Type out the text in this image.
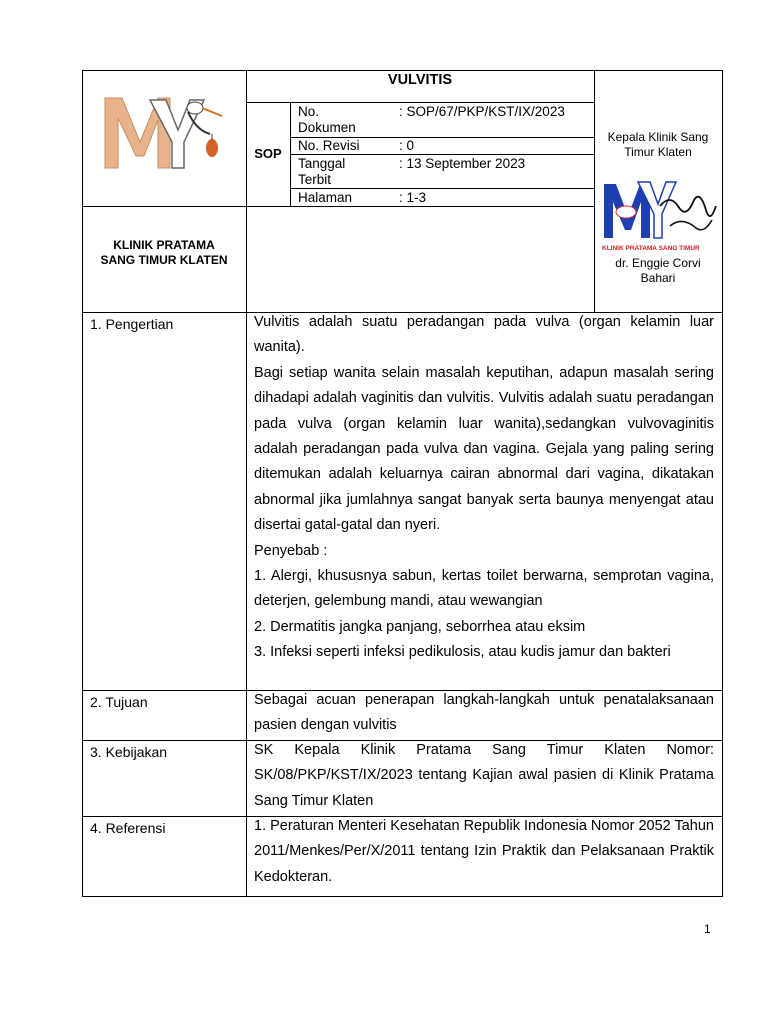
VULVITIS
SOP
No.
Dokumen
: SOP/67/PKP/KST/IX/2023
No. Revisi	: 0
Tanggal
Terbit
: 13 September 2023
Halaman	: 1-3
KLINIK PRATAMA
SANG TIMUR KLATEN
Kepala Klinik Sang
Timur Klaten
KLINIK PRATAMA SANG TIMUR
dr. Enggie Corvi
Bahari
1. Pengertian	Vulvitis adalah suatu peradangan pada vulva (organ kelamin luar wanita).

Bagi setiap wanita selain masalah keputihan, adapun masalah sering dihadapi adalah vaginitis dan vulvitis. Vulvitis adalah suatu peradangan pada vulva (organ kelamin luar wanita),sedangkan vulvovaginitis adalah peradangan pada vulva dan vagina. Gejala yang paling sering ditemukan adalah keluarnya cairan abnormal dari vagina, dikatakan abnormal jika jumlahnya sangat banyak serta baunya menyengat atau disertai gatal-gatal dan nyeri.

Penyebab :

1. Alergi, khususnya sabun, kertas toilet berwarna, semprotan vagina, deterjen, gelembung mandi, atau wewangian

2. Dermatitis jangka panjang, seborrhea atau eksim

3. Infeksi seperti infeksi pedikulosis, atau kudis jamur dan bakteri

2. Tujuan	Sebagai acuan penerapan langkah-langkah untuk penatalaksanaan pasien dengan vulvitis

3. Kebijakan	SK Kepala Klinik Pratama Sang Timur Klaten Nomor: SK/08/PKP/KST/IX/2023 tentang Kajian awal pasien di Klinik Pratama Sang Timur Klaten

4. Referensi	1. Peraturan Menteri Kesehatan Republik Indonesia Nomor 2052 Tahun 2011/Menkes/Per/X/2011 tentang Izin Praktik dan Pelaksanaan Praktik Kedokteran.

1
